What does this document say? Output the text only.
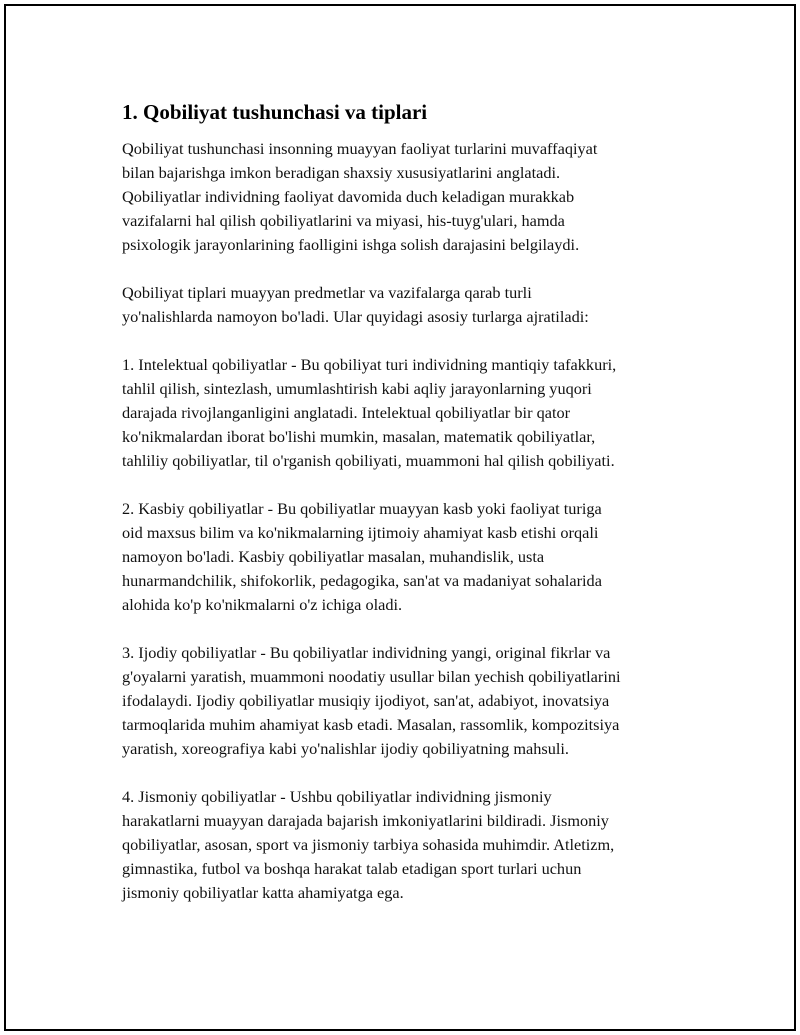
1. Qobiliyat tushunchasi va tiplari

Qobiliyat tushunchasi insonning muayyan faoliyat turlarini muvaffaqiyat
bilan bajarishga imkon beradigan shaxsiy xususiyatlarini anglatadi.
Qobiliyatlar individning faoliyat davomida duch keladigan murakkab
vazifalarni hal qilish qobiliyatlarini va miyasi, his-tuyg'ulari, hamda
psixologik jarayonlarining faolligini ishga solish darajasini belgilaydi.

Qobiliyat tiplari muayyan predmetlar va vazifalarga qarab turli
yo'nalishlarda namoyon bo'ladi. Ular quyidagi asosiy turlarga ajratiladi:

1. Intelektual qobiliyatlar - Bu qobiliyat turi individning mantiqiy tafakkuri,
tahlil qilish, sintezlash, umumlashtirish kabi aqliy jarayonlarning yuqori
darajada rivojlanganligini anglatadi. Intelektual qobiliyatlar bir qator
ko'nikmalardan iborat bo'lishi mumkin, masalan, matematik qobiliyatlar,
tahliliy qobiliyatlar, til o'rganish qobiliyati, muammoni hal qilish qobiliyati.

2. Kasbiy qobiliyatlar - Bu qobiliyatlar muayyan kasb yoki faoliyat turiga
oid maxsus bilim va ko'nikmalarning ijtimoiy ahamiyat kasb etishi orqali
namoyon bo'ladi. Kasbiy qobiliyatlar masalan, muhandislik, usta
hunarmandchilik, shifokorlik, pedagogika, san'at va madaniyat sohalarida
alohida ko'p ko'nikmalarni o'z ichiga oladi.

3. Ijodiy qobiliyatlar - Bu qobiliyatlar individning yangi, original fikrlar va
g'oyalarni yaratish, muammoni noodatiy usullar bilan yechish qobiliyatlarini
ifodalaydi. Ijodiy qobiliyatlar musiqiy ijodiyot, san'at, adabiyot, inovatsiya
tarmoqlarida muhim ahamiyat kasb etadi. Masalan, rassomlik, kompozitsiya
yaratish, xoreografiya kabi yo'nalishlar ijodiy qobiliyatning mahsuli.

4. Jismoniy qobiliyatlar - Ushbu qobiliyatlar individning jismoniy
harakatlarni muayyan darajada bajarish imkoniyatlarini bildiradi. Jismoniy
qobiliyatlar, asosan, sport va jismoniy tarbiya sohasida muhimdir. Atletizm,
gimnastika, futbol va boshqa harakat talab etadigan sport turlari uchun
jismoniy qobiliyatlar katta ahamiyatga ega.
